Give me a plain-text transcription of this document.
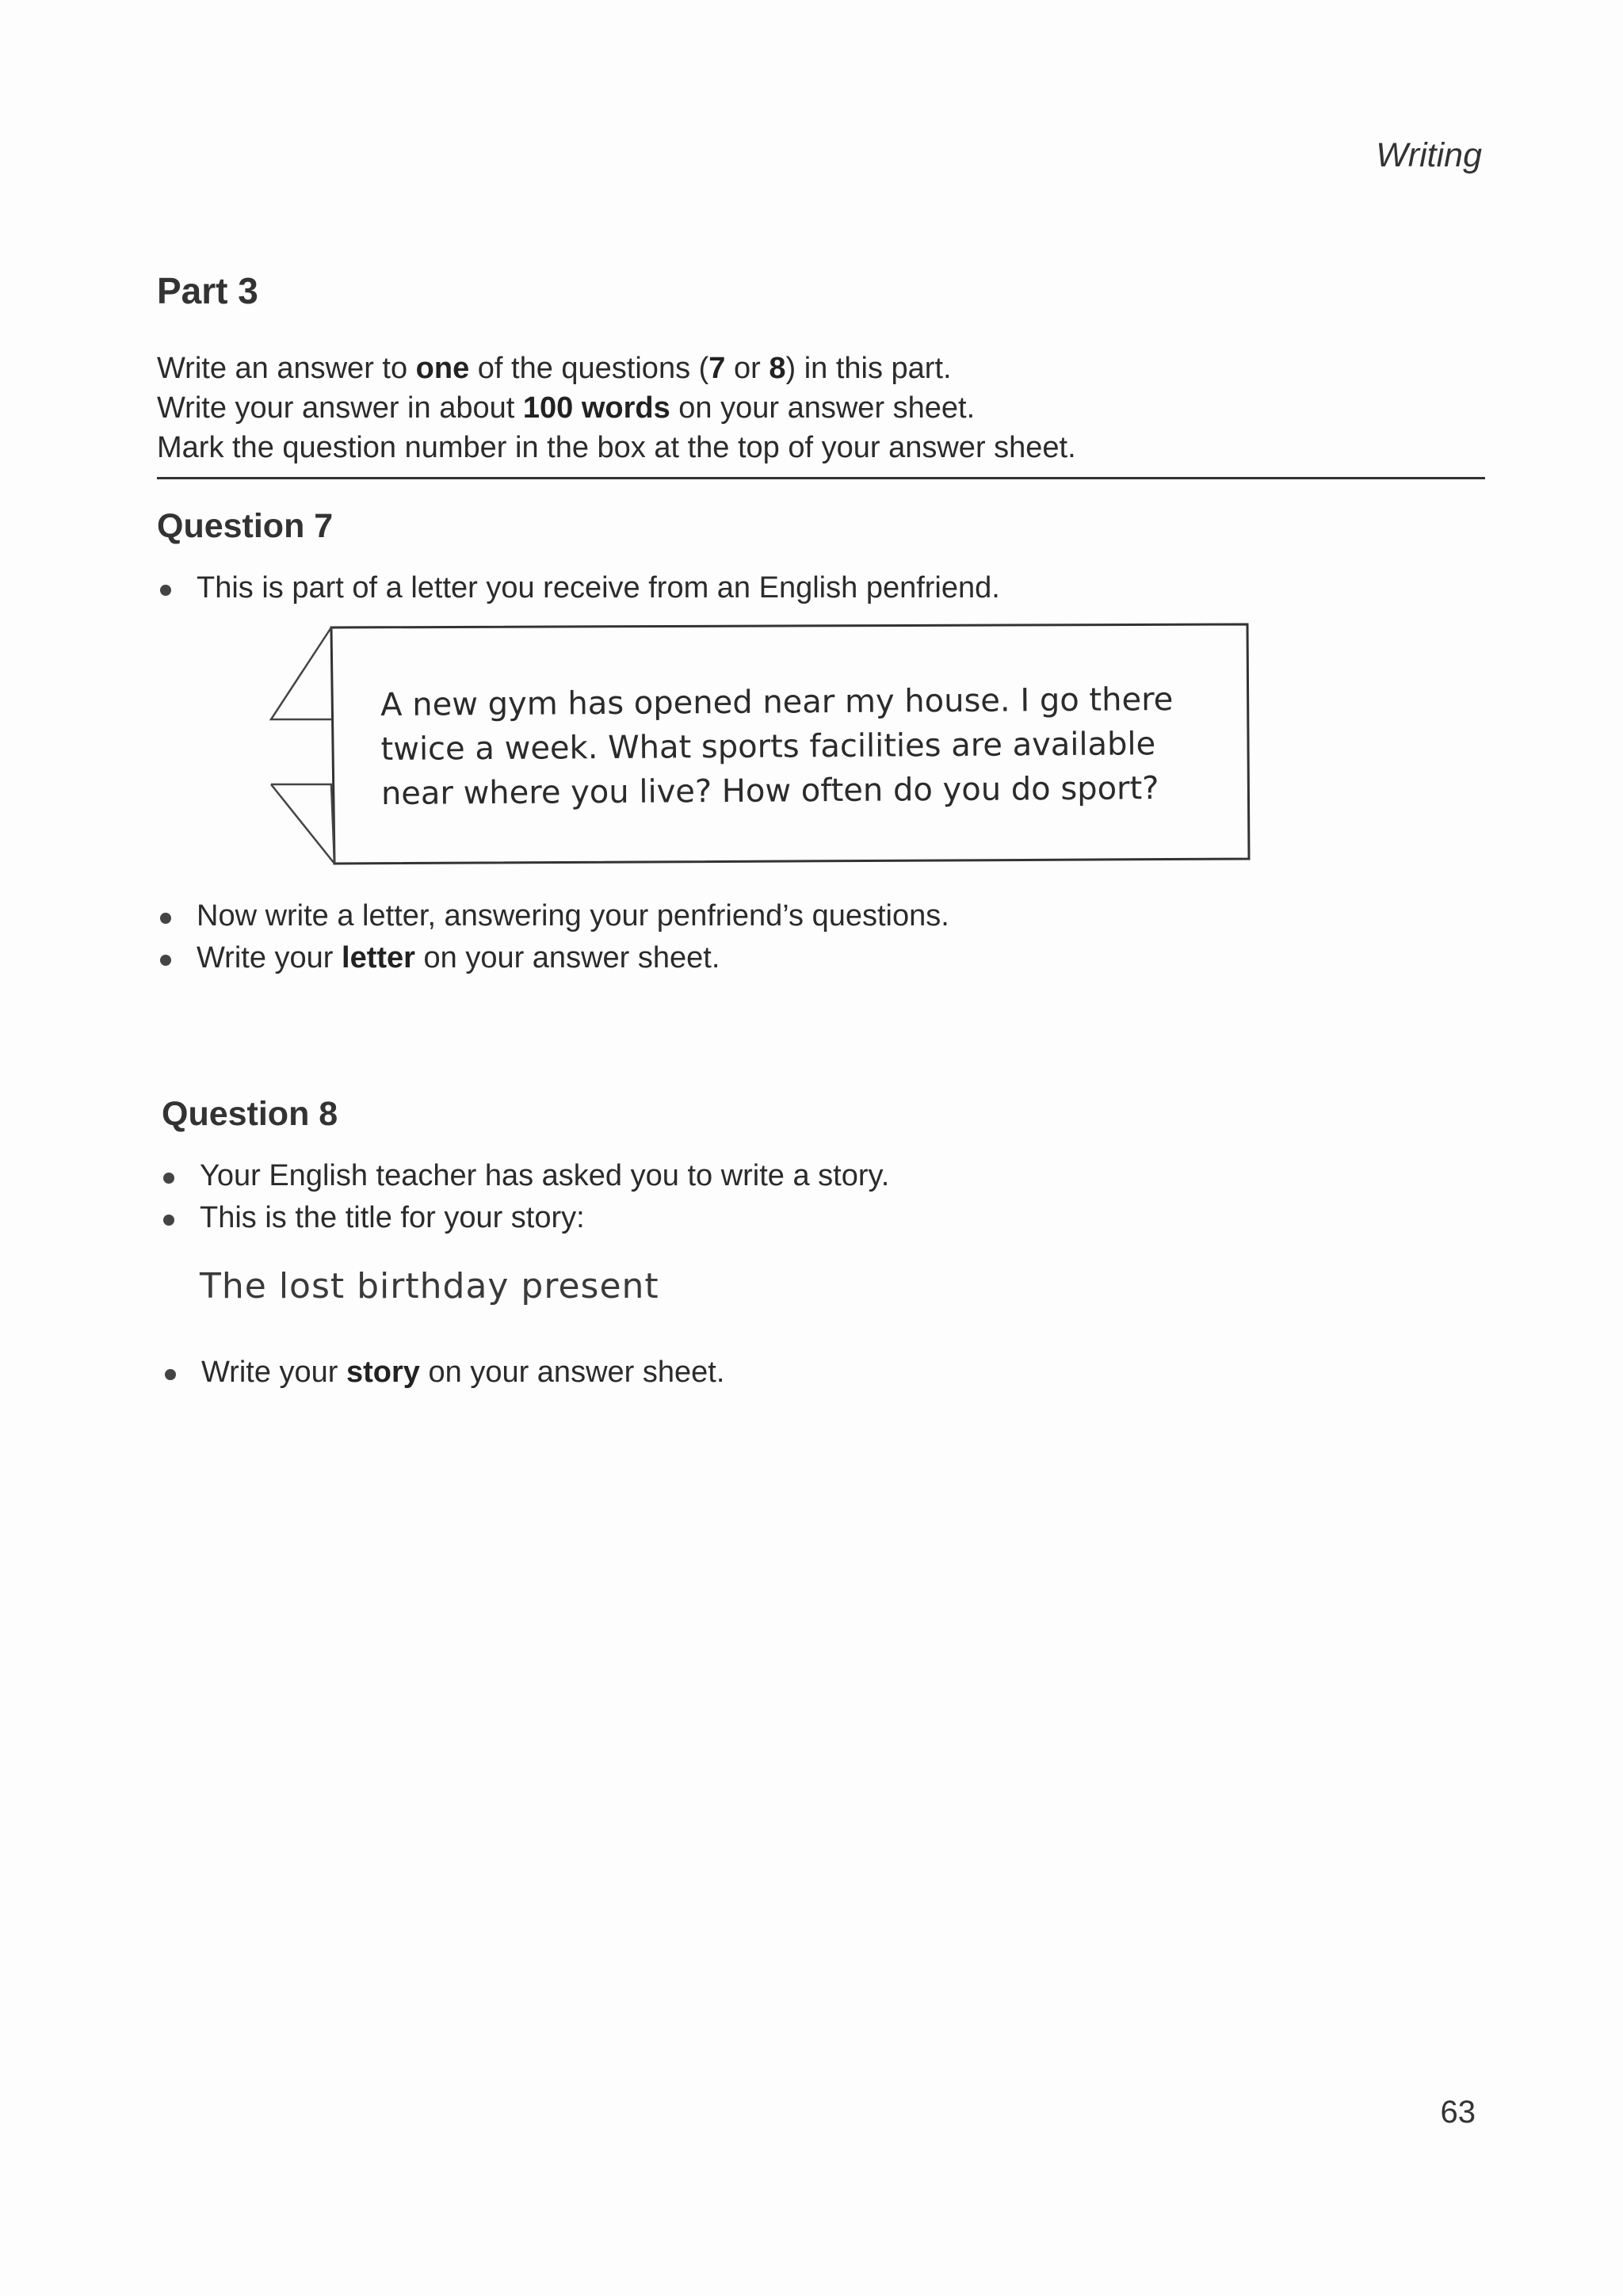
Writing
Part 3

Write an answer to one of the questions (7 or 8) in this part.

Write your answer in about 100 words on your answer sheet.

Mark the question number in the box at the top of your answer sheet.

Question 7
This is part of a letter you receive from an English penfriend.
A new gym has opened near my house. I go there
twice a week. What sports facilities are available
near where you live? How often do you do sport?
Now write a letter, answering your penfriend’s questions.
Write your letter on your answer sheet.
Question 8
Your English teacher has asked you to write a story.
This is the title for your story:
The lost birthday present
Write your story on your answer sheet.
63
